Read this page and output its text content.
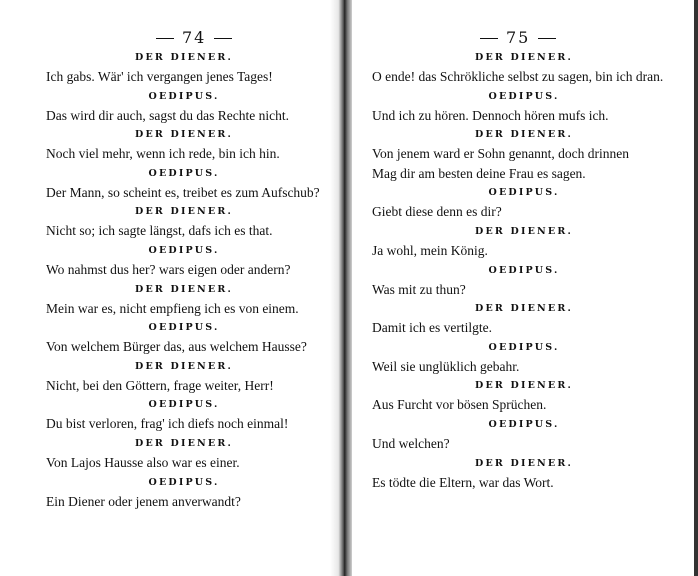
74
DER DIENER.
Ich gabs. Wär' ich vergangen jenes Tages!
OEDIPUS.
Das wird dir auch, sagst du das Rechte nicht.
DER DIENER.
Noch viel mehr, wenn ich rede, bin ich hin.
OEDIPUS.
Der Mann, so scheint es, treibet es zum Aufschub?
DER DIENER.
Nicht so; ich sagte längst, dafs ich es that.
OEDIPUS.
Wo nahmst dus her? wars eigen oder andern?
DER DIENER.
Mein war es, nicht empfieng ich es von einem.
OEDIPUS.
Von welchem Bürger das, aus welchem Hausse?
DER DIENER.
Nicht, bei den Göttern, frage weiter, Herr!
OEDIPUS.
Du bist verloren, frag' ich diefs noch einmal!
DER DIENER.
Von Lajos Hausse also war es einer.
OEDIPUS.
Ein Diener oder jenem anverwandt?
75
DER DIENER.
O ende! das Schrökliche selbst zu sagen, bin ich dran.
OEDIPUS.
Und ich zu hören. Dennoch hören mufs ich.
DER DIENER.
Von jenem ward er Sohn genannt, doch drinnen
Mag dir am besten deine Frau es sagen.
OEDIPUS.
Giebt diese denn es dir?
DER DIENER.
Ja wohl, mein König.
OEDIPUS.
Was mit zu thun?
DER DIENER.
Damit ich es vertilgte.
OEDIPUS.
Weil sie unglüklich gebahr.
DER DIENER.
Aus Furcht vor bösen Sprüchen.
OEDIPUS.
Und welchen?
DER DIENER.
Es tödte die Eltern, war das Wort.
